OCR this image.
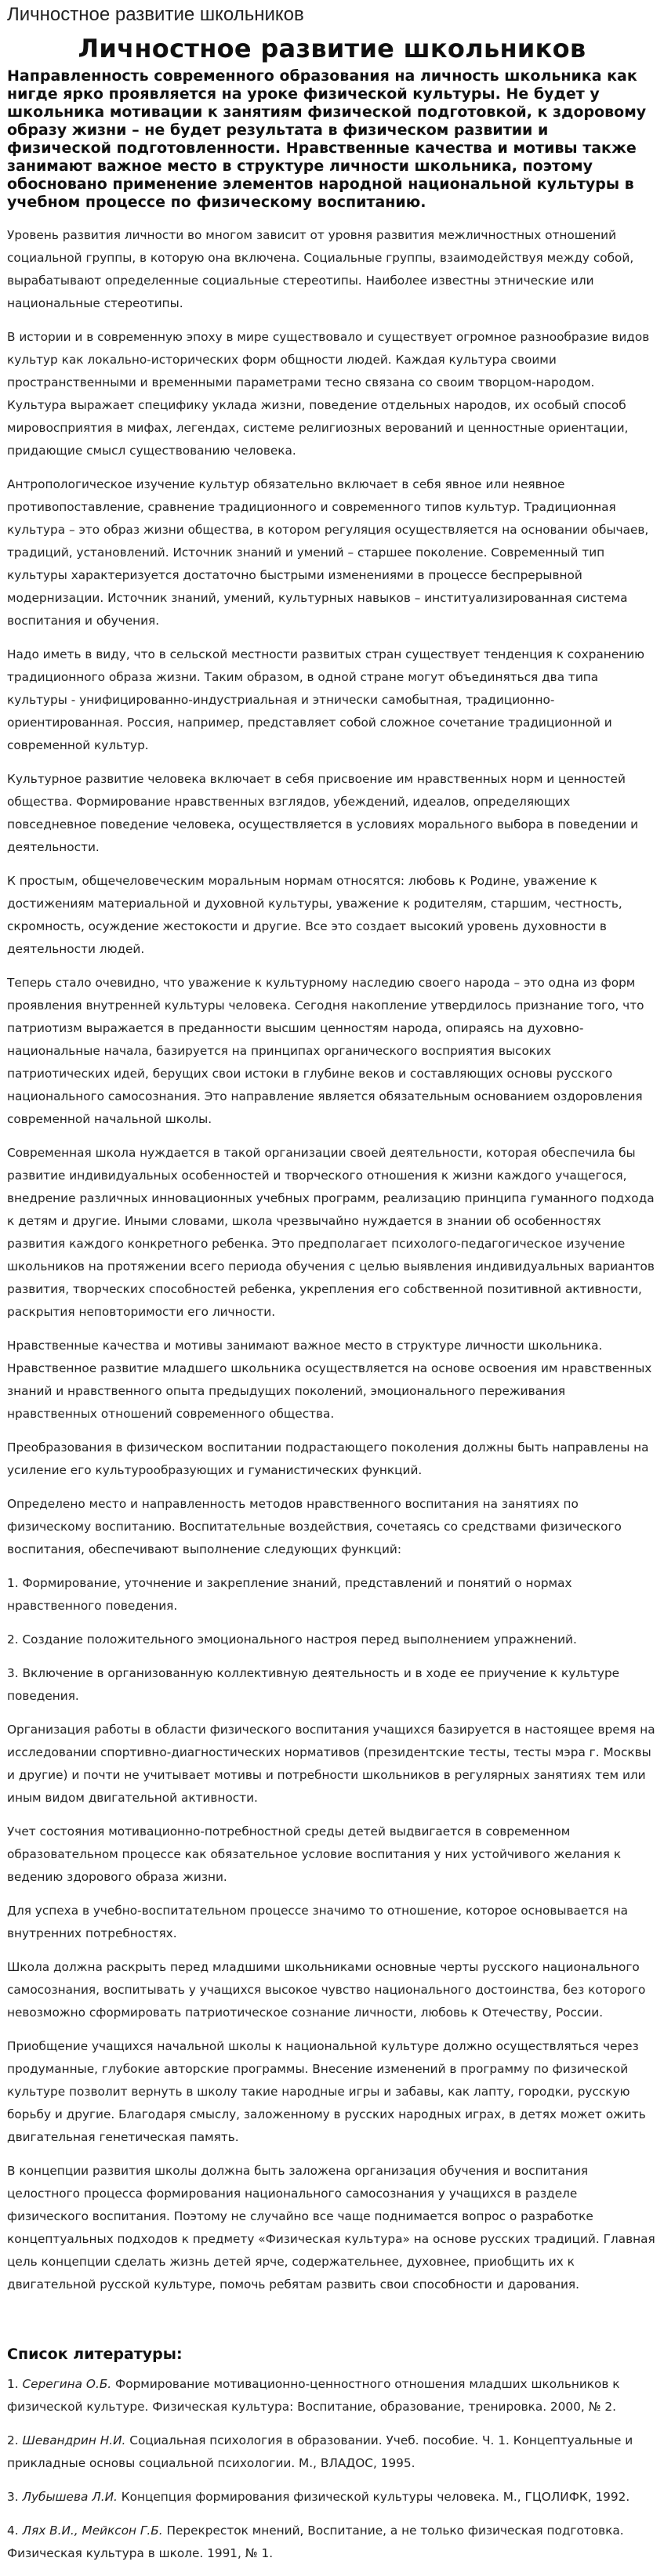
Личностное развитие школьников
Личностное развитие школьников

Направленность современного образования на личность школьника как нигде ярко проявляется на уроке физической культуры. Не будет у школьника мотивации к занятиям физической подготовкой, к здоровому образу жизни – не будет результата в физическом развитии и физической подготовленности. Нравственные качества и мотивы также занимают важное место в структуре личности школьника, поэтому обосновано применение элементов народной национальной культуры в учебном процессе по физическому воспитанию.

Уровень развития личности во многом зависит от уровня развития межличностных отношений социальной группы, в которую она включена. Социальные группы, взаимодействуя между собой, вырабатывают определенные социальные стереотипы. Наиболее известны этнические или национальные стереотипы.

В истории и в современную эпоху в мире существовало и существует огромное разнообразие видов культур как локально-исторических форм общности людей. Каждая культура своими пространственными и временными параметрами тесно связана со своим творцом-народом. Культура выражает специфику уклада жизни, поведение отдельных народов, их особый способ мировосприятия в мифах, легендах, системе религиозных верований и ценностные ориентации, придающие смысл существованию человека.

Антропологическое изучение культур обязательно включает в себя явное или неявное противопоставление, сравнение традиционного и современного типов культур. Традиционная культура – это образ жизни общества, в котором регуляция осуществляется на основании обычаев, традиций, установлений. Источник знаний и умений – старшее поколение. Современный тип культуры характеризуется достаточно быстрыми изменениями в процессе беспрерывной модернизации. Источник знаний, умений, культурных навыков – институализированная система воспитания и обучения.

Надо иметь в виду, что в сельской местности развитых стран существует тенденция к сохранению традиционного образа жизни. Таким образом, в одной стране могут объединяться два типа культуры - унифицированно-индустриальная и этнически самобытная, традиционно-ориентированная. Россия, например, представляет собой сложное сочетание традиционной и современной культур.

Культурное развитие человека включает в себя присвоение им нравственных норм и ценностей общества. Формирование нравственных взглядов, убеждений, идеалов, определяющих повседневное поведение человека, осуществляется в условиях морального выбора в поведении и деятельности.

К простым, общечеловеческим моральным нормам относятся: любовь к Родине, уважение к достижениям материальной и духовной культуры, уважение к родителям, старшим, честность, скромность, осуждение жестокости и другие. Все это создает высокий уровень духовности в деятельности людей.

Теперь стало очевидно, что уважение к культурному наследию своего народа – это одна из форм проявления внутренней культуры человека. Сегодня накопление утвердилось признание того, что патриотизм выражается в преданности высшим ценностям народа, опираясь на духовно-национальные начала, базируется на принципах органического восприятия высоких патриотических идей, берущих свои истоки в глубине веков и составляющих основы русского национального самосознания. Это направление является обязательным основанием оздоровления современной начальной школы.

Современная школа нуждается в такой организации своей деятельности, которая обеспечила бы развитие индивидуальных особенностей и творческого отношения к жизни каждого учащегося, внедрение различных инновационных учебных программ, реализацию принципа гуманного подхода к детям и другие. Иными словами, школа чрезвычайно нуждается в знании об особенностях развития каждого конкретного ребенка. Это предполагает психолого-педагогическое изучение школьников на протяжении всего периода обучения с целью выявления индивидуальных вариантов развития, творческих способностей ребенка, укрепления его собственной позитивной активности, раскрытия неповторимости его личности.

Нравственные качества и мотивы занимают важное место в структуре личности школьника. Нравственное развитие младшего школьника осуществляется на основе освоения им нравственных знаний и нравственного опыта предыдущих поколений, эмоционального переживания нравственных отношений современного общества.

Преобразования в физическом воспитании подрастающего поколения должны быть направлены на усиление его культурообразующих и гуманистических функций.

Определено место и направленность методов нравственного воспитания на занятиях по физическому воспитанию. Воспитательные воздействия, сочетаясь со средствами физического воспитания, обеспечивают выполнение следующих функций:

1. Формирование, уточнение и закрепление знаний, представлений и понятий о нормах нравственного поведения.

2. Создание положительного эмоционального настроя перед выполнением упражнений.

3. Включение в организованную коллективную деятельность и в ходе ее приучение к культуре поведения.

Организация работы в области физического воспитания учащихся базируется в настоящее время на исследовании спортивно-диагностических нормативов (президентские тесты, тесты мэра г. Москвы и другие) и почти не учитывает мотивы и потребности школьников в регулярных занятиях тем или иным видом двигательной активности.

Учет состояния мотивационно-потребностной среды детей выдвигается в современном образовательном процессе как обязательное условие воспитания у них устойчивого желания к ведению здорового образа жизни.

Для успеха в учебно-воспитательном процессе значимо то отношение, которое основывается на внутренних потребностях.

Школа должна раскрыть перед младшими школьниками основные черты русского национального самосознания, воспитывать у учащихся высокое чувство национального достоинства, без которого невозможно сформировать патриотическое сознание личности, любовь к Отечеству, России.

Приобщение учащихся начальной школы к национальной культуре должно осуществляться через продуманные, глубокие авторские программы. Внесение изменений в программу по физической культуре позволит вернуть в школу такие народные игры и забавы, как лапту, городки, русскую борьбу и другие. Благодаря смыслу, заложенному в русских народных играх, в детях может ожить двигательная генетическая память.

В концепции развития школы должна быть заложена организация обучения и воспитания целостного процесса формирования национального самосознания у учащихся в разделе физического воспитания. Поэтому не случайно все чаще поднимается вопрос о разработке концептуальных подходов к предмету «Физическая культура» на основе русских традиций. Главная цель концепции сделать жизнь детей ярче, содержательнее, духовнее, приобщить их к двигательной русской культуре, помочь ребятам развить свои способности и дарования.

Список литературы:

1. Серегина О.Б. Формирование мотивационно-ценностного отношения младших школьников к физической культуре. Физическая культура: Воспитание, образование, тренировка. 2000, № 2.

2. Шевандрин Н.И. Социальная психология в образовании. Учеб. пособие. Ч. 1. Концептуальные и прикладные основы социальной психологии. М., ВЛАДОС, 1995.

3. Лубышева Л.И. Концепция формирования физической культуры человека. М., ГЦОЛИФК, 1992.

4. Лях В.И., Мейксон Г.Б. Перекресток мнений, Воспитание, а не только физическая подготовка. Физическая культура в школе. 1991, № 1.
